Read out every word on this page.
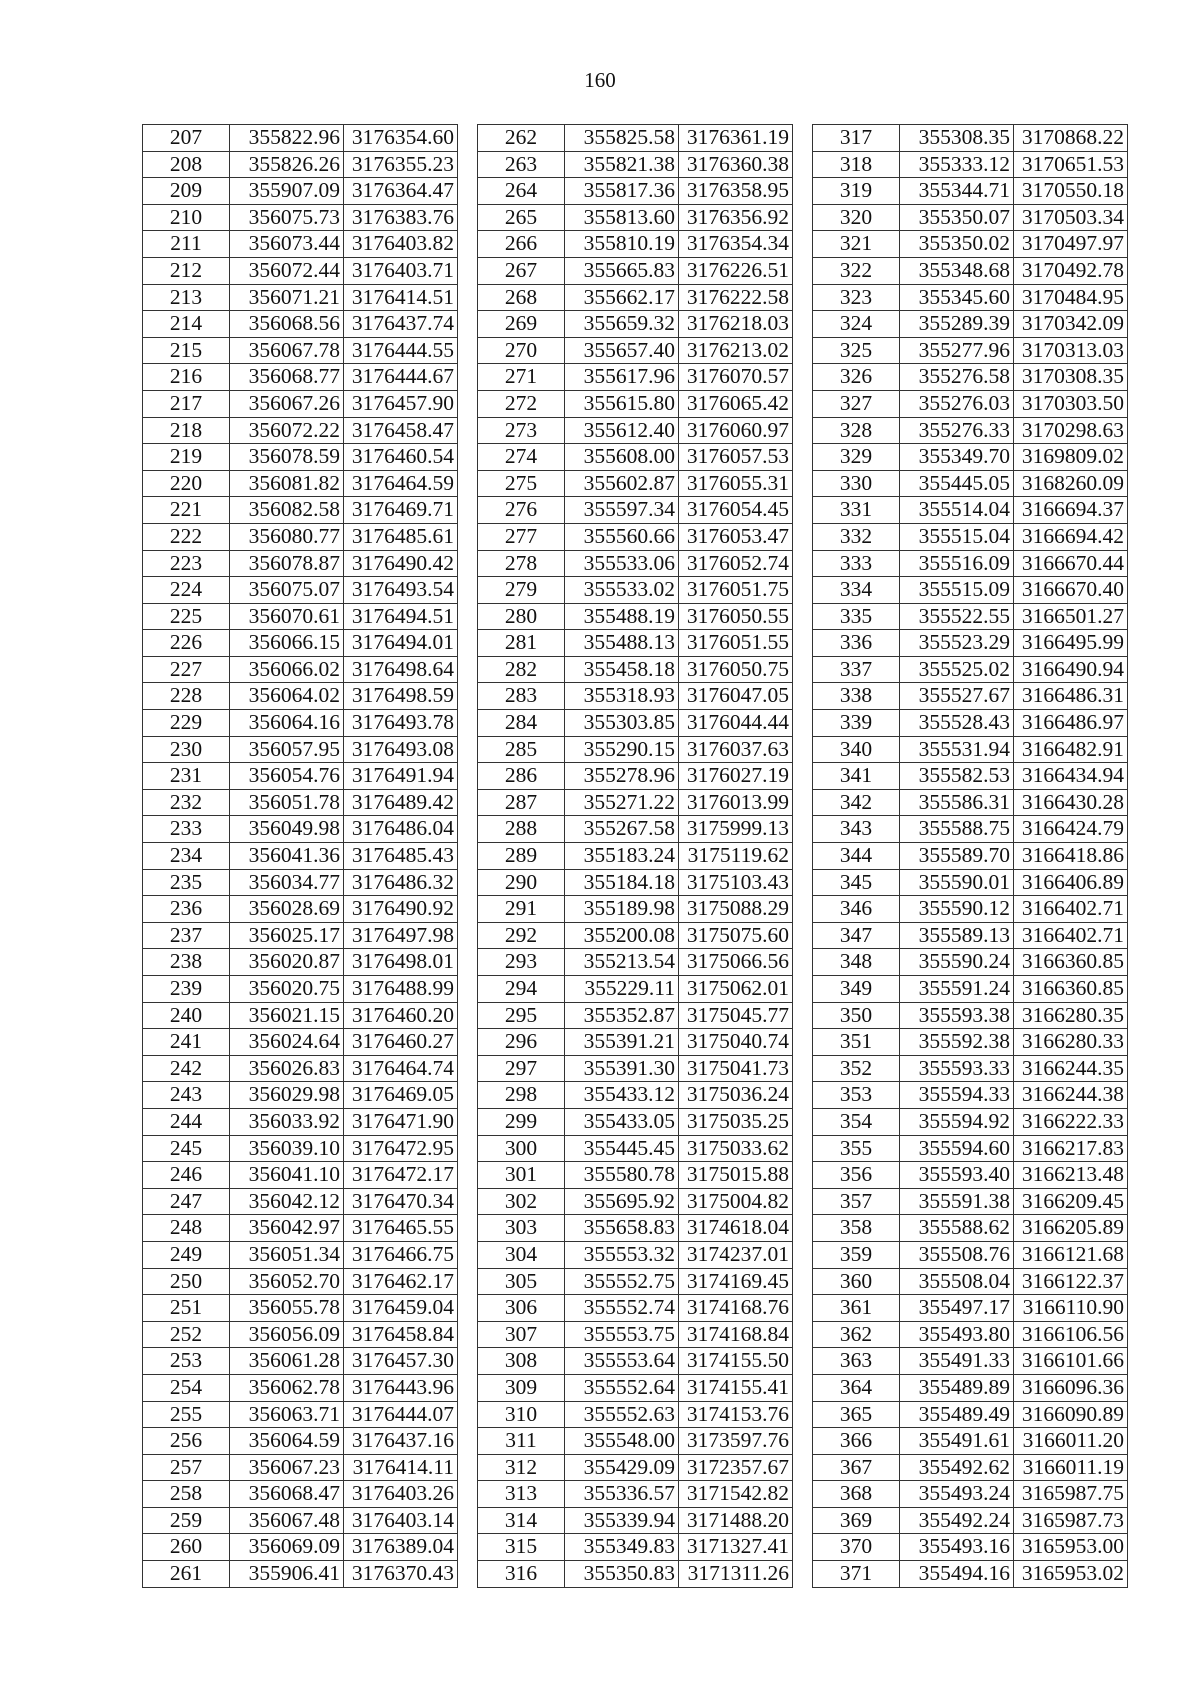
160
207	355822.96	3176354.60
208	355826.26	3176355.23
209	355907.09	3176364.47
210	356075.73	3176383.76
211	356073.44	3176403.82
212	356072.44	3176403.71
213	356071.21	3176414.51
214	356068.56	3176437.74
215	356067.78	3176444.55
216	356068.77	3176444.67
217	356067.26	3176457.90
218	356072.22	3176458.47
219	356078.59	3176460.54
220	356081.82	3176464.59
221	356082.58	3176469.71
222	356080.77	3176485.61
223	356078.87	3176490.42
224	356075.07	3176493.54
225	356070.61	3176494.51
226	356066.15	3176494.01
227	356066.02	3176498.64
228	356064.02	3176498.59
229	356064.16	3176493.78
230	356057.95	3176493.08
231	356054.76	3176491.94
232	356051.78	3176489.42
233	356049.98	3176486.04
234	356041.36	3176485.43
235	356034.77	3176486.32
236	356028.69	3176490.92
237	356025.17	3176497.98
238	356020.87	3176498.01
239	356020.75	3176488.99
240	356021.15	3176460.20
241	356024.64	3176460.27
242	356026.83	3176464.74
243	356029.98	3176469.05
244	356033.92	3176471.90
245	356039.10	3176472.95
246	356041.10	3176472.17
247	356042.12	3176470.34
248	356042.97	3176465.55
249	356051.34	3176466.75
250	356052.70	3176462.17
251	356055.78	3176459.04
252	356056.09	3176458.84
253	356061.28	3176457.30
254	356062.78	3176443.96
255	356063.71	3176444.07
256	356064.59	3176437.16
257	356067.23	3176414.11
258	356068.47	3176403.26
259	356067.48	3176403.14
260	356069.09	3176389.04
261	355906.41	3176370.43
262	355825.58	3176361.19
263	355821.38	3176360.38
264	355817.36	3176358.95
265	355813.60	3176356.92
266	355810.19	3176354.34
267	355665.83	3176226.51
268	355662.17	3176222.58
269	355659.32	3176218.03
270	355657.40	3176213.02
271	355617.96	3176070.57
272	355615.80	3176065.42
273	355612.40	3176060.97
274	355608.00	3176057.53
275	355602.87	3176055.31
276	355597.34	3176054.45
277	355560.66	3176053.47
278	355533.06	3176052.74
279	355533.02	3176051.75
280	355488.19	3176050.55
281	355488.13	3176051.55
282	355458.18	3176050.75
283	355318.93	3176047.05
284	355303.85	3176044.44
285	355290.15	3176037.63
286	355278.96	3176027.19
287	355271.22	3176013.99
288	355267.58	3175999.13
289	355183.24	3175119.62
290	355184.18	3175103.43
291	355189.98	3175088.29
292	355200.08	3175075.60
293	355213.54	3175066.56
294	355229.11	3175062.01
295	355352.87	3175045.77
296	355391.21	3175040.74
297	355391.30	3175041.73
298	355433.12	3175036.24
299	355433.05	3175035.25
300	355445.45	3175033.62
301	355580.78	3175015.88
302	355695.92	3175004.82
303	355658.83	3174618.04
304	355553.32	3174237.01
305	355552.75	3174169.45
306	355552.74	3174168.76
307	355553.75	3174168.84
308	355553.64	3174155.50
309	355552.64	3174155.41
310	355552.63	3174153.76
311	355548.00	3173597.76
312	355429.09	3172357.67
313	355336.57	3171542.82
314	355339.94	3171488.20
315	355349.83	3171327.41
316	355350.83	3171311.26
317	355308.35	3170868.22
318	355333.12	3170651.53
319	355344.71	3170550.18
320	355350.07	3170503.34
321	355350.02	3170497.97
322	355348.68	3170492.78
323	355345.60	3170484.95
324	355289.39	3170342.09
325	355277.96	3170313.03
326	355276.58	3170308.35
327	355276.03	3170303.50
328	355276.33	3170298.63
329	355349.70	3169809.02
330	355445.05	3168260.09
331	355514.04	3166694.37
332	355515.04	3166694.42
333	355516.09	3166670.44
334	355515.09	3166670.40
335	355522.55	3166501.27
336	355523.29	3166495.99
337	355525.02	3166490.94
338	355527.67	3166486.31
339	355528.43	3166486.97
340	355531.94	3166482.91
341	355582.53	3166434.94
342	355586.31	3166430.28
343	355588.75	3166424.79
344	355589.70	3166418.86
345	355590.01	3166406.89
346	355590.12	3166402.71
347	355589.13	3166402.71
348	355590.24	3166360.85
349	355591.24	3166360.85
350	355593.38	3166280.35
351	355592.38	3166280.33
352	355593.33	3166244.35
353	355594.33	3166244.38
354	355594.92	3166222.33
355	355594.60	3166217.83
356	355593.40	3166213.48
357	355591.38	3166209.45
358	355588.62	3166205.89
359	355508.76	3166121.68
360	355508.04	3166122.37
361	355497.17	3166110.90
362	355493.80	3166106.56
363	355491.33	3166101.66
364	355489.89	3166096.36
365	355489.49	3166090.89
366	355491.61	3166011.20
367	355492.62	3166011.19
368	355493.24	3165987.75
369	355492.24	3165987.73
370	355493.16	3165953.00
371	355494.16	3165953.02
